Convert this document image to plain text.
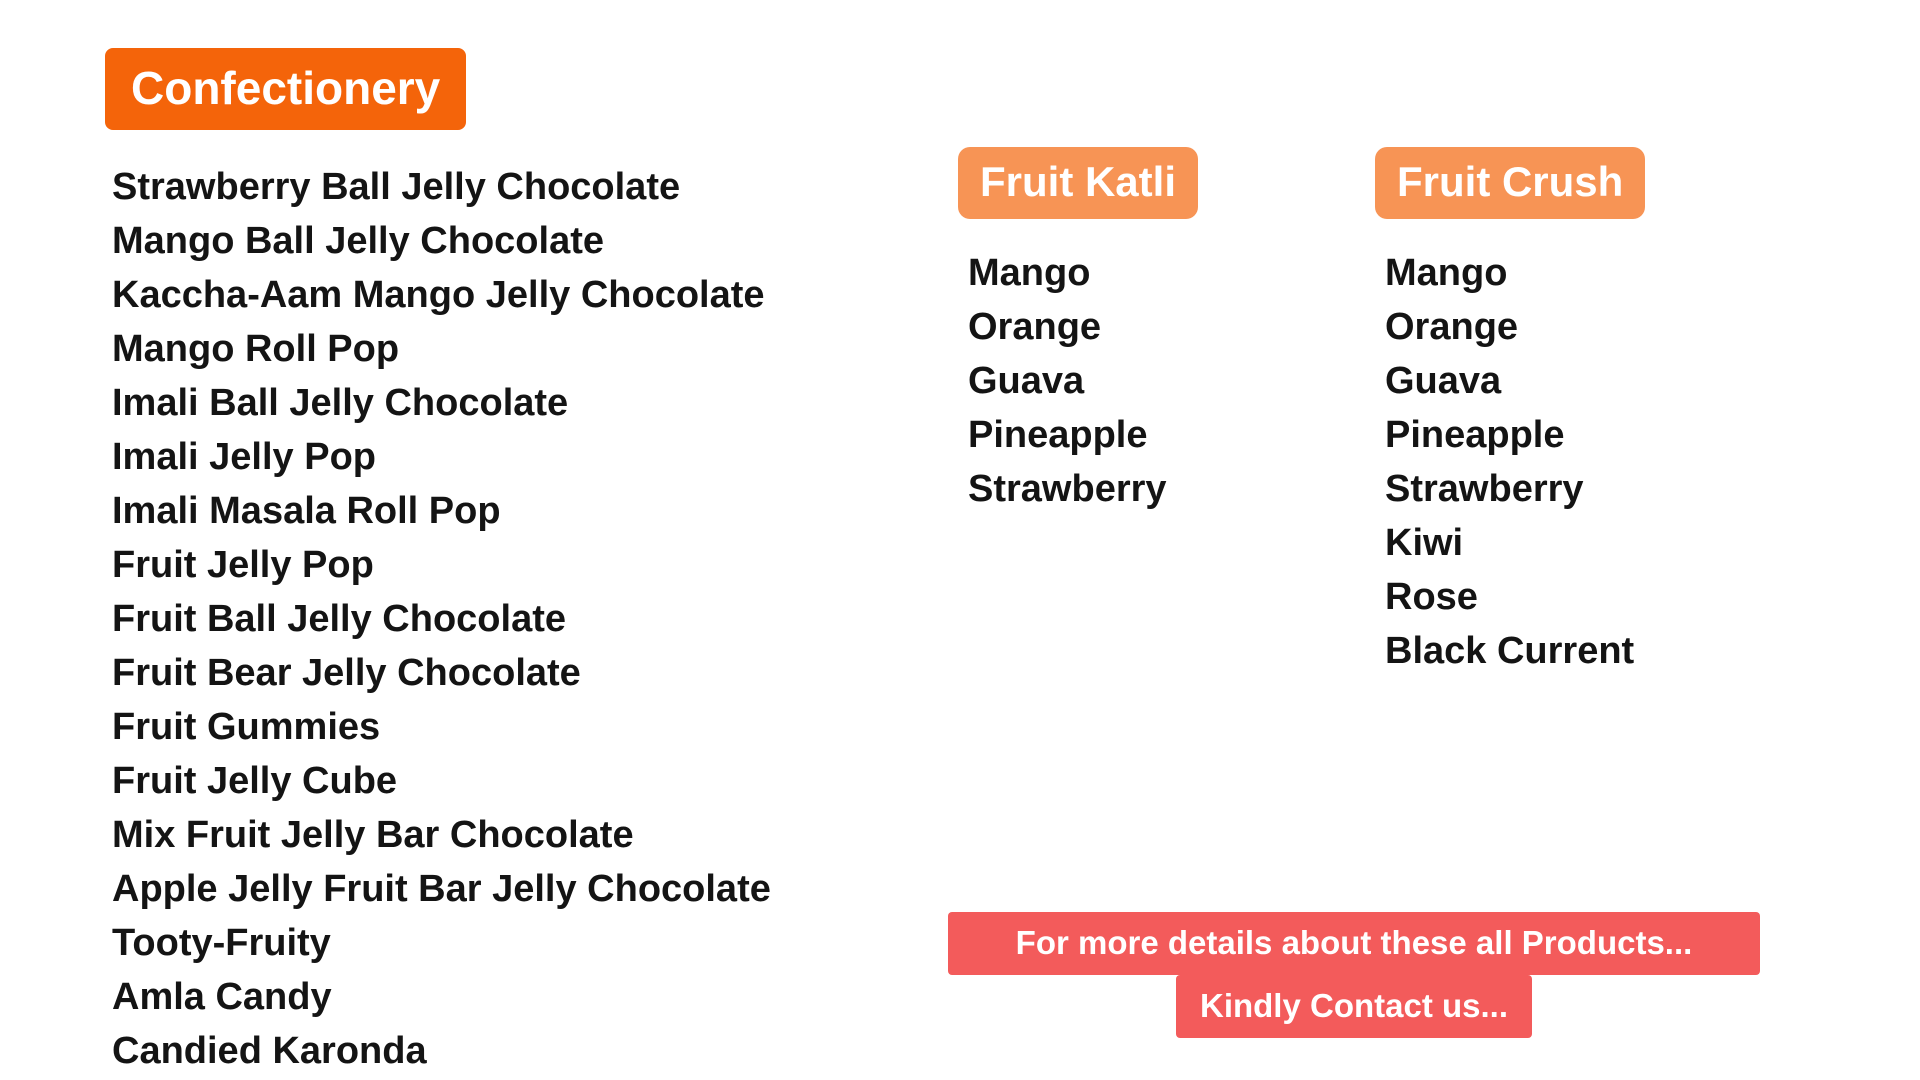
Confectionery
Strawberry Ball Jelly Chocolate
Mango Ball Jelly Chocolate
Kaccha-Aam Mango Jelly Chocolate
Mango Roll Pop
Imali Ball Jelly Chocolate
Imali Jelly Pop
Imali Masala Roll Pop
Fruit Jelly Pop
Fruit Ball Jelly Chocolate
Fruit Bear Jelly Chocolate
Fruit Gummies
Fruit Jelly Cube
Mix Fruit Jelly Bar Chocolate
Apple Jelly Fruit Bar Jelly Chocolate
Tooty-Fruity
Amla Candy
Candied Karonda
Fruit Katli
Mango
Orange
Guava
Pineapple
Strawberry
Fruit Crush
Mango
Orange
Guava
Pineapple
Strawberry
Kiwi
Rose
Black Current
For more details about these all Products...
Kindly Contact us...
